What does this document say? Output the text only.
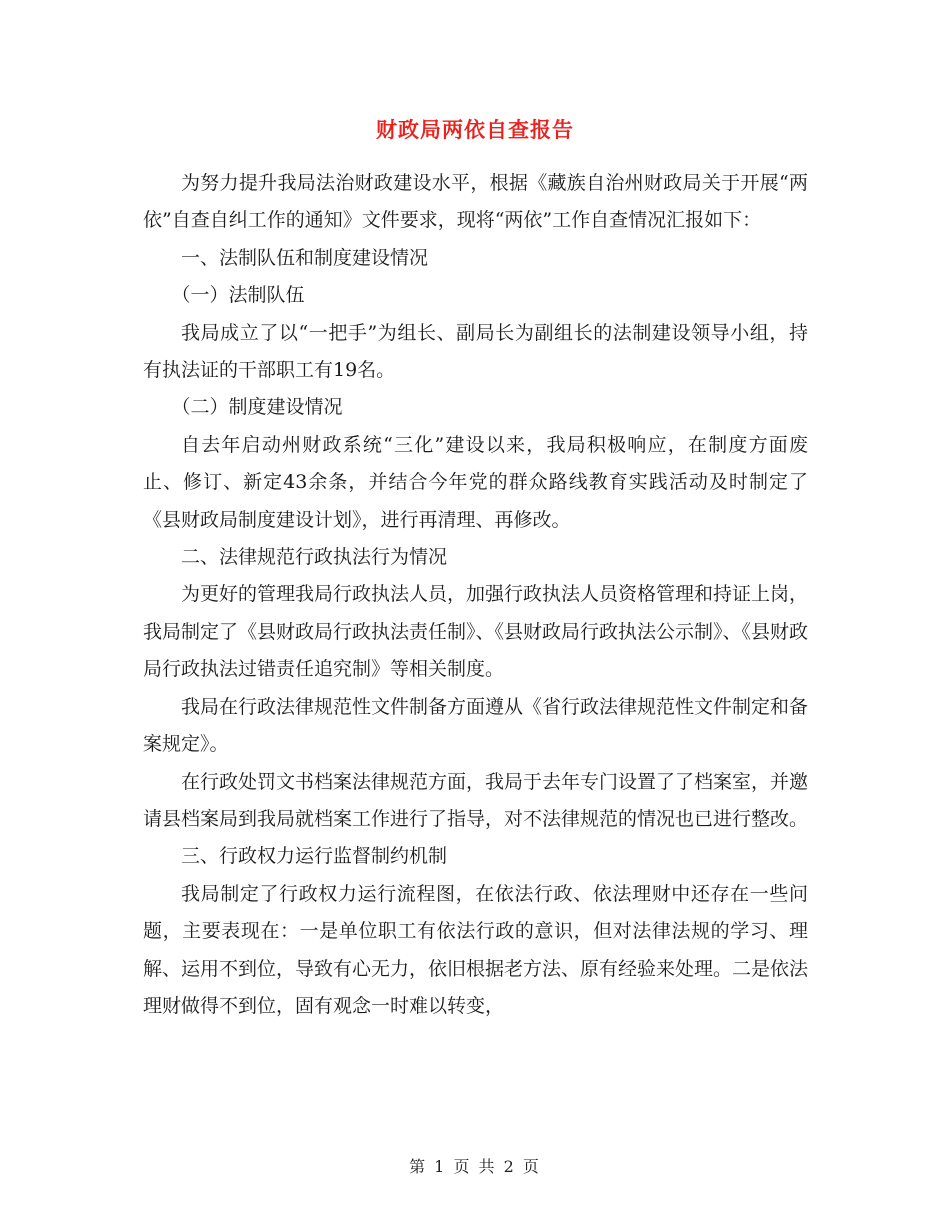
财政局两依自查报告

为努力提升我局法治财政建设水平，根据《藏族自治州财政局关于开展“两依”自查自纠工作的通知》文件要求，现将“两依”工作自查情况汇报如下：

一、法制队伍和制度建设情况

（一）法制队伍

我局成立了以“一把手”为组长、副局长为副组长的法制建设领导小组，持有执法证的干部职工有19名。

（二）制度建设情况

自去年启动州财政系统“三化”建设以来，我局积极响应，在制度方面废止、修订、新定43余条，并结合今年党的群众路线教育实践活动及时制定了《县财政局制度建设计划》，进行再清理、再修改。

二、法律规范行政执法行为情况

为更好的管理我局行政执法人员，加强行政执法人员资格管理和持证上岗，我局制定了《县财政局行政执法责任制》、《县财政局行政执法公示制》、《县财政局行政执法过错责任追究制》等相关制度。

我局在行政法律规范性文件制备方面遵从《省行政法律规范性文件制定和备案规定》。

在行政处罚文书档案法律规范方面，我局于去年专门设置了了档案室，并邀请县档案局到我局就档案工作进行了指导，对不法律规范的情况也已进行整改。

三、行政权力运行监督制约机制

我局制定了行政权力运行流程图，在依法行政、依法理财中还存在一些问题，主要表现在：一是单位职工有依法行政的意识，但对法律法规的学习、理解、运用不到位，导致有心无力，依旧根据老方法、原有经验来处理。二是依法理财做得不到位，固有观念一时难以转变，

第 1 页 共 2 页
